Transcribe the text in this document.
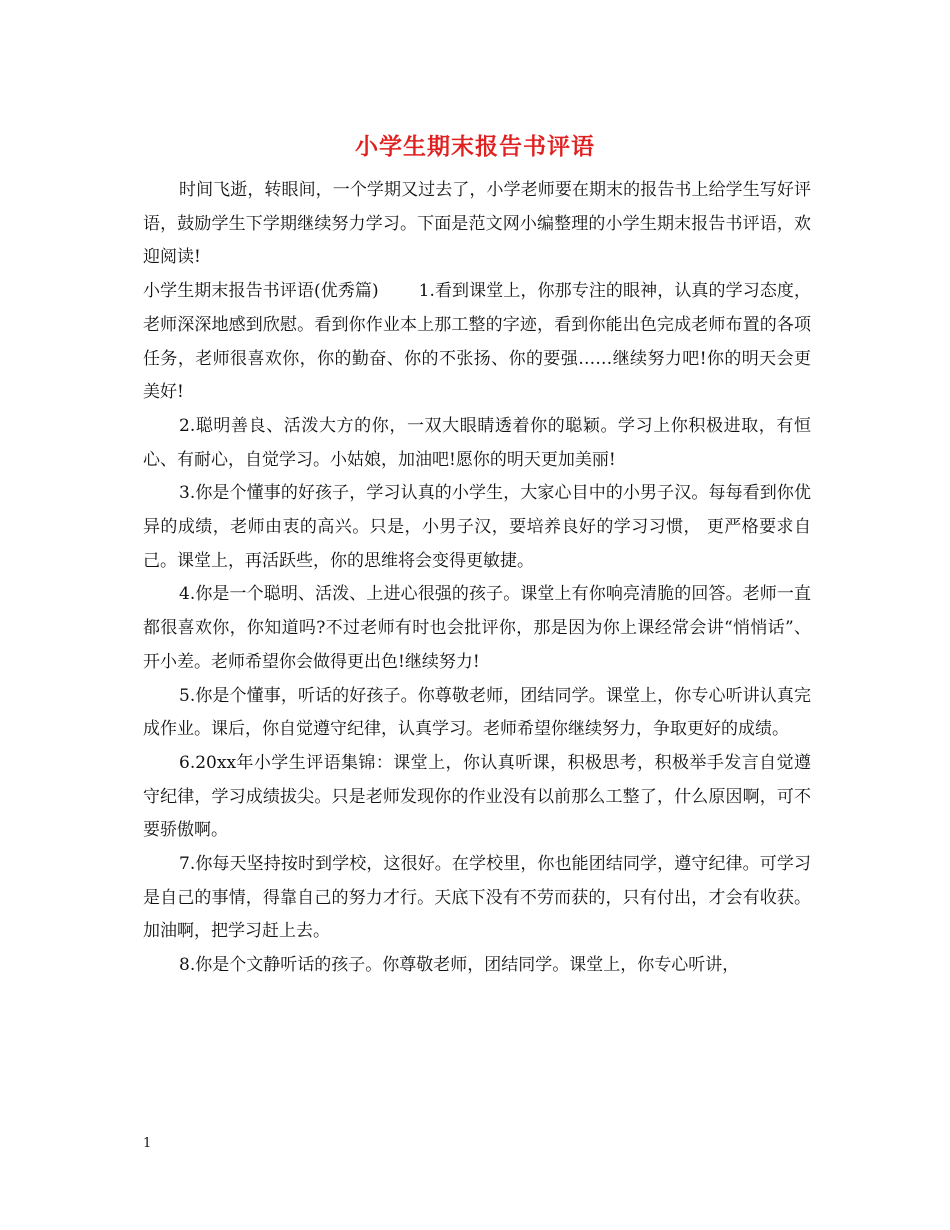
小学生期末报告书评语

时间飞逝，转眼间，一个学期又过去了，小学老师要在期末的报告书上给学生写好评语，鼓励学生下学期继续努力学习。下面是范文网小编整理的小学生期末报告书评语，欢迎阅读!

小学生期末报告书评语(优秀篇) 1.看到课堂上，你那专注的眼神，认真的学习态度，老师深深地感到欣慰。看到你作业本上那工整的字迹，看到你能出色完成老师布置的各项任务，老师很喜欢你，你的勤奋、你的不张扬、你的要强……继续努力吧!你的明天会更美好!

2.聪明善良、活泼大方的你，一双大眼睛透着你的聪颖。学习上你积极进取，有恒心、有耐心，自觉学习。小姑娘，加油吧!愿你的明天更加美丽!

3.你是个懂事的好孩子，学习认真的小学生，大家心目中的小男子汉。每每看到你优异的成绩，老师由衷的高兴。只是，小男子汉，要培养良好的学习习惯， 更严格要求自己。课堂上，再活跃些，你的思维将会变得更敏捷。

4.你是一个聪明、活泼、上进心很强的孩子。课堂上有你响亮清脆的回答。老师一直都很喜欢你，你知道吗?不过老师有时也会批评你，那是因为你上课经常会讲“悄悄话”、开小差。老师希望你会做得更出色!继续努力!

5.你是个懂事，听话的好孩子。你尊敬老师，团结同学。课堂上，你专心听讲认真完成作业。课后，你自觉遵守纪律，认真学习。老师希望你继续努力，争取更好的成绩。

6.20xx年小学生评语集锦：课堂上，你认真听课，积极思考，积极举手发言自觉遵守纪律，学习成绩拔尖。只是老师发现你的作业没有以前那么工整了，什么原因啊，可不要骄傲啊。

7.你每天坚持按时到学校，这很好。在学校里，你也能团结同学，遵守纪律。可学习是自己的事情，得靠自己的努力才行。天底下没有不劳而获的，只有付出，才会有收获。加油啊，把学习赶上去。

8.你是个文静听话的孩子。你尊敬老师，团结同学。课堂上，你专心听讲，

1
